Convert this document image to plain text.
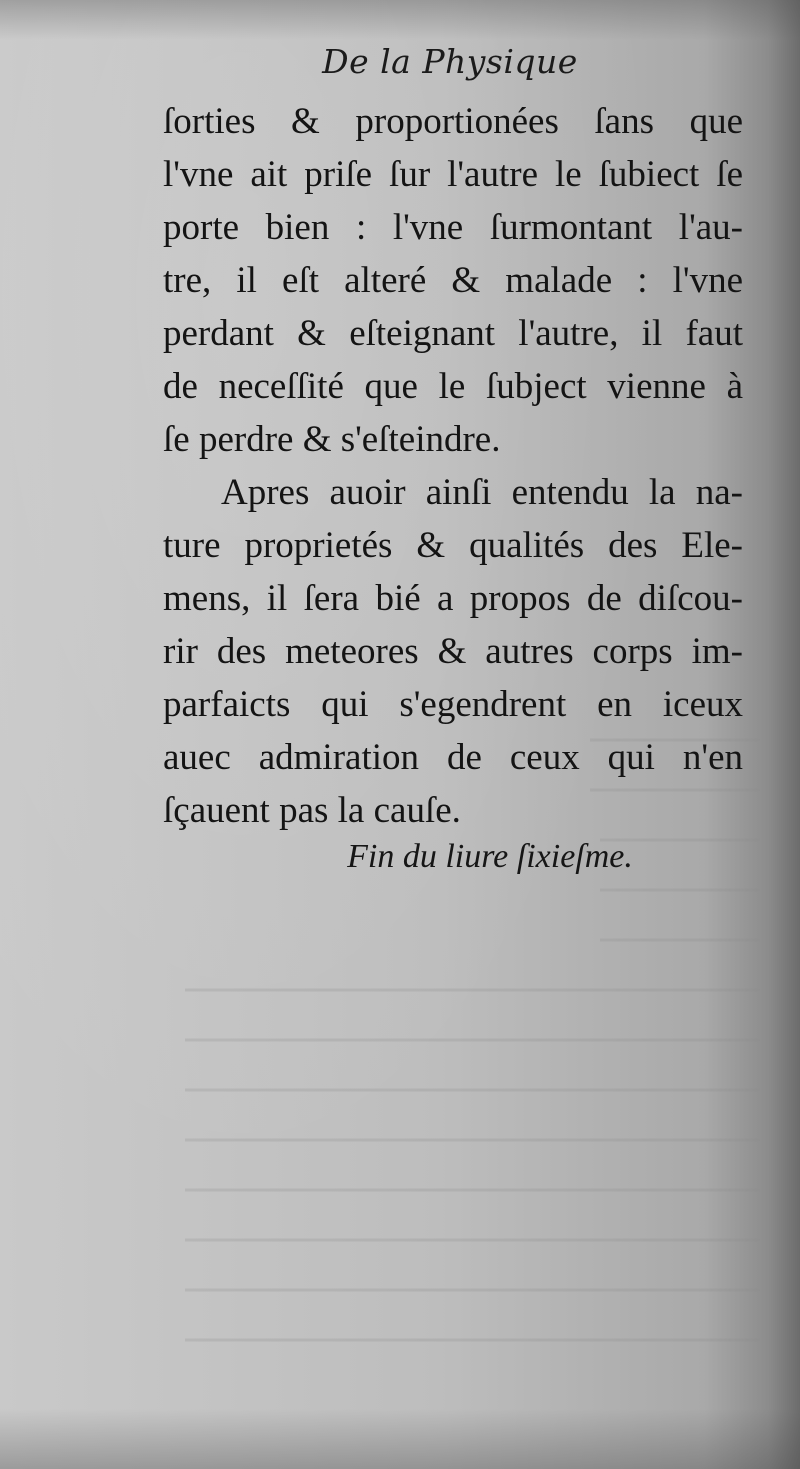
De la Physique
ſorties & proportionées ſans que
l'vne ait priſe ſur l'autre le ſubiect ſe
porte bien : l'vne ſurmontant l'au-
tre, il eſt alteré & malade : l'vne
perdant & eſteignant l'autre, il faut
de neceſſité que le ſubject vienne à
ſe perdre & s'eſteindre.
Apres auoir ainſi entendu la na-
ture proprietés & qualités des Ele-
mens, il ſera bié a propos de diſcou-
rir des meteores & autres corps im-
parfaicts qui s'egendrent en iceux
auec admiration de ceux qui n'en
ſçauent pas la cauſe.
Fin du liure ſixieſme.
